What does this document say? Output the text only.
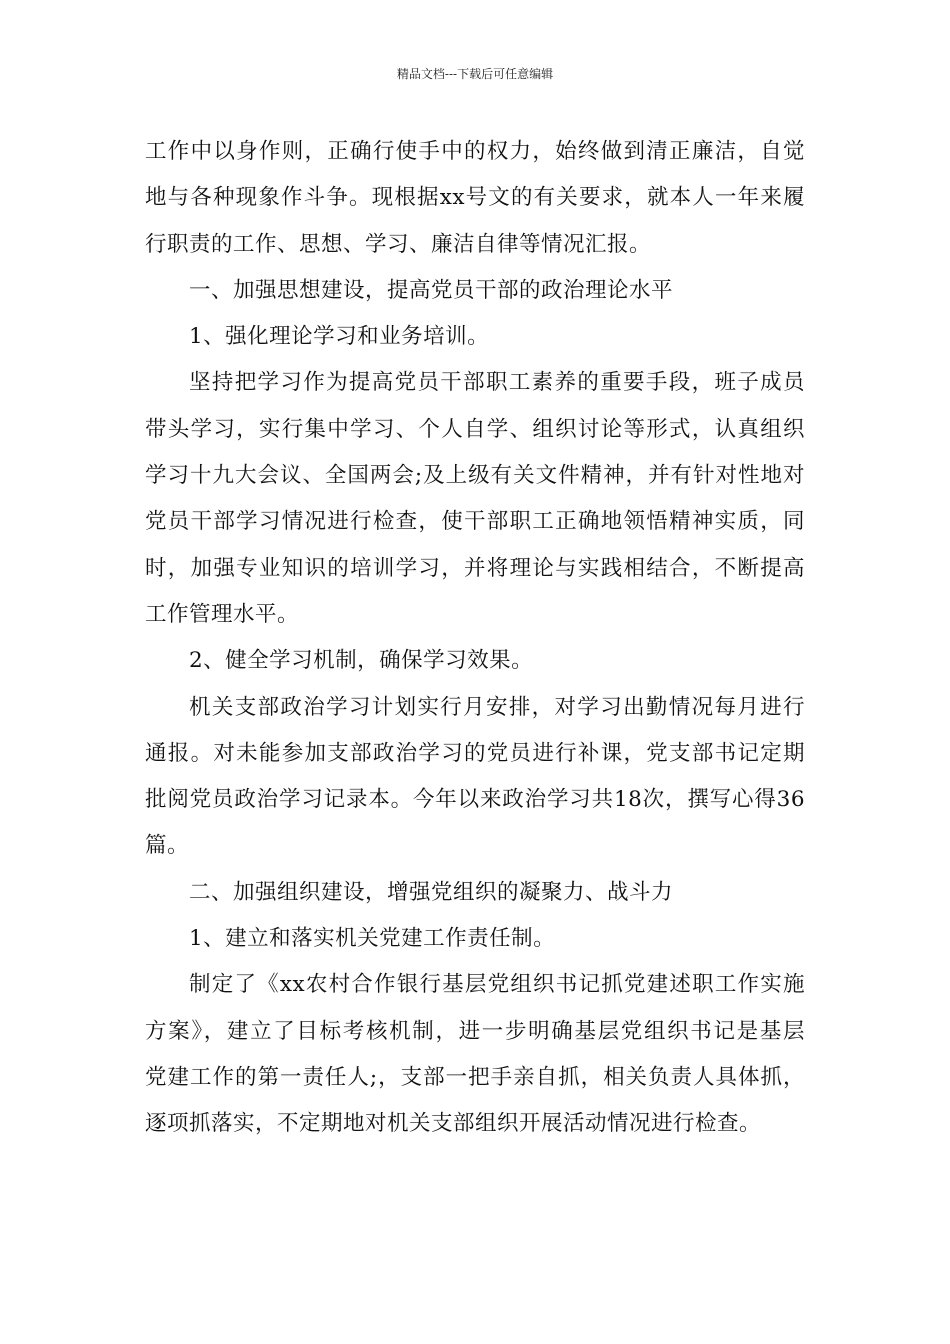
精品文档---下载后可任意编辑
工作中以身作则，正确行使手中的权力，始终做到清正廉洁，自觉
地与各种现象作斗争。现根据xx号文的有关要求，就本人一年来履
行职责的工作、思想、学习、廉洁自律等情况汇报。
一、加强思想建设，提高党员干部的政治理论水平
1、强化理论学习和业务培训。
坚持把学习作为提高党员干部职工素养的重要手段，班子成员
带头学习，实行集中学习、个人自学、组织讨论等形式，认真组织
学习十九大会议、全国两会;及上级有关文件精神，并有针对性地对
党员干部学习情况进行检查，使干部职工正确地领悟精神实质，同
时，加强专业知识的培训学习，并将理论与实践相结合，不断提高
工作管理水平。
2、健全学习机制，确保学习效果。
机关支部政治学习计划实行月安排，对学习出勤情况每月进行
通报。对未能参加支部政治学习的党员进行补课，党支部书记定期
批阅党员政治学习记录本。今年以来政治学习共18次，撰写心得36
篇。
二、加强组织建设，增强党组织的凝聚力、战斗力
1、建立和落实机关党建工作责任制。
制定了《xx农村合作银行基层党组织书记抓党建述职工作实施
方案》，建立了目标考核机制，进一步明确基层党组织书记是基层
党建工作的第一责任人;，支部一把手亲自抓，相关负责人具体抓，
逐项抓落实，不定期地对机关支部组织开展活动情况进行检查。
